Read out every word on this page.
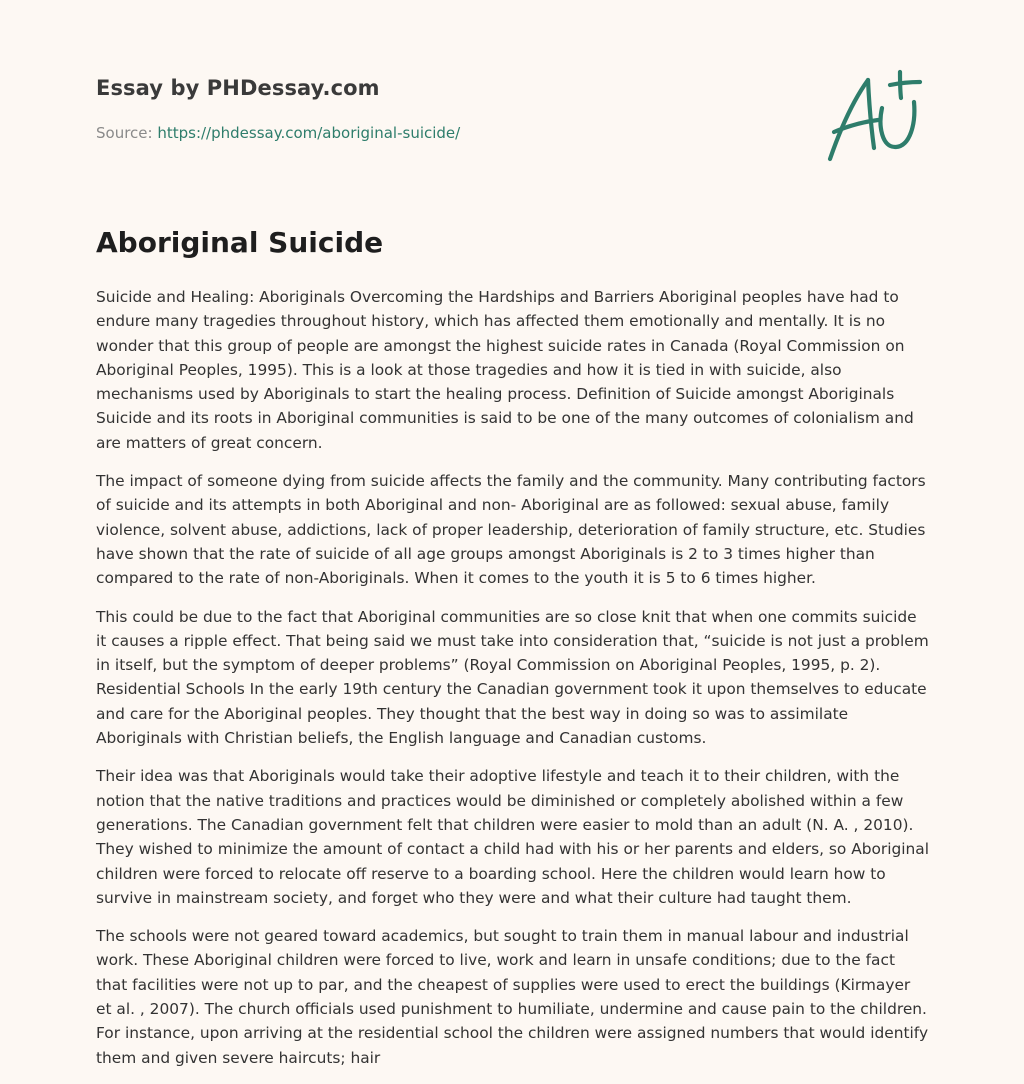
Essay by PHDessay.com
Source: https://phdessay.com/aboriginal-suicide/
Aboriginal Suicide

Suicide and Healing: Aboriginals Overcoming the Hardships and Barriers Aboriginal peoples have had to endure many tragedies throughout history, which has affected them emotionally and mentally. It is no wonder that this group of people are amongst the highest suicide rates in Canada (Royal Commission on Aboriginal Peoples, 1995). This is a look at those tragedies and how it is tied in with suicide, also mechanisms used by Aboriginals to start the healing process. Definition of Suicide amongst Aboriginals Suicide and its roots in Aboriginal communities is said to be one of the many outcomes of colonialism and are matters of great concern.

The impact of someone dying from suicide affects the family and the community. Many contributing factors of suicide and its attempts in both Aboriginal and non- Aboriginal are as followed: sexual abuse, family violence, solvent abuse, addictions, lack of proper leadership, deterioration of family structure, etc. Studies have shown that the rate of suicide of all age groups amongst Aboriginals is 2 to 3 times higher than compared to the rate of non-Aboriginals. When it comes to the youth it is 5 to 6 times higher.

This could be due to the fact that Aboriginal communities are so close knit that when one commits suicide it causes a ripple effect. That being said we must take into consideration that, “suicide is not just a problem in itself, but the symptom of deeper problems” (Royal Commission on Aboriginal Peoples, 1995, p. 2). Residential Schools In the early 19th century the Canadian government took it upon themselves to educate and care for the Aboriginal peoples. They thought that the best way in doing so was to assimilate Aboriginals with Christian beliefs, the English language and Canadian customs.

Their idea was that Aboriginals would take their adoptive lifestyle and teach it to their children, with the notion that the native traditions and practices would be diminished or completely abolished within a few generations. The Canadian government felt that children were easier to mold than an adult (N. A. , 2010). They wished to minimize the amount of contact a child had with his or her parents and elders, so Aboriginal children were forced to relocate off reserve to a boarding school. Here the children would learn how to survive in mainstream society, and forget who they were and what their culture had taught them.

The schools were not geared toward academics, but sought to train them in manual labour and industrial work. These Aboriginal children were forced to live, work and learn in unsafe conditions; due to the fact that facilities were not up to par, and the cheapest of supplies were used to erect the buildings (Kirmayer et al. , 2007). The church officials used punishment to humiliate, undermine and cause pain to the children. For instance, upon arriving at the residential school the children were assigned numbers that would identify them and given severe haircuts; hair
